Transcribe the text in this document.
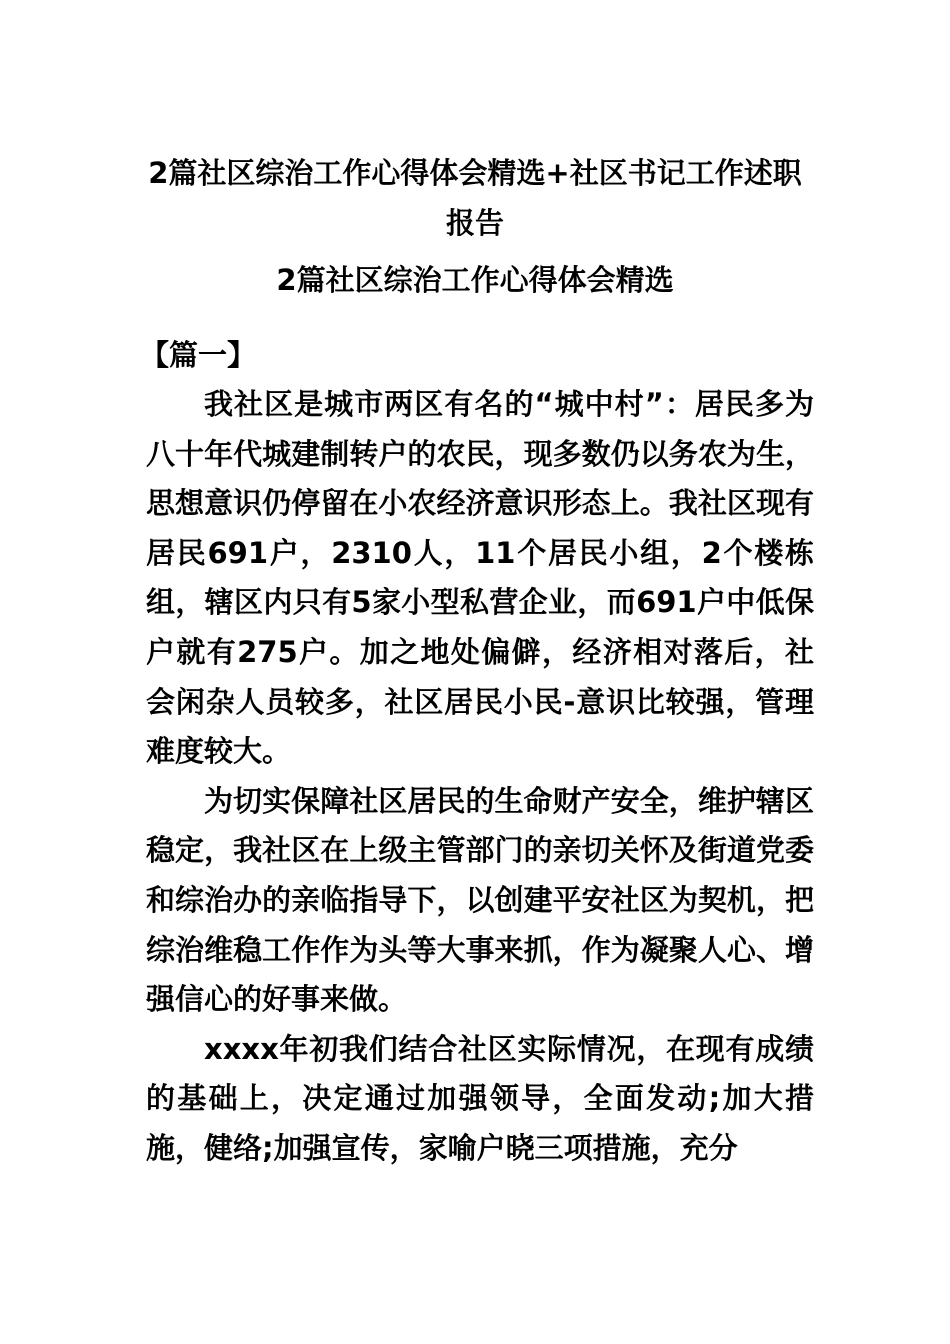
2篇社区综治工作心得体会精选+社区书记工作述职报告
2篇社区综治工作心得体会精选
【篇一】

我社区是城市两区有名的“城中村”：居民多为八十年代城建制转户的农民，现多数仍以务农为生，思想意识仍停留在小农经济意识形态上。我社区现有居民691户，2310人，11个居民小组，2个楼栋组，辖区内只有5家小型私营企业，而691户中低保户就有275户。加之地处偏僻，经济相对落后，社会闲杂人员较多，社区居民小民-意识比较强，管理难度较大。

为切实保障社区居民的生命财产安全，维护辖区稳定，我社区在上级主管部门的亲切关怀及街道党委和综治办的亲临指导下，以创建平安社区为契机，把综治维稳工作作为头等大事来抓，作为凝聚人心、增强信心的好事来做。

xxxx年初我们结合社区实际情况，在现有成绩的基础上，决定通过加强领导，全面发动;加大措施，健络;加强宣传，家喻户晓三项措施，充分
